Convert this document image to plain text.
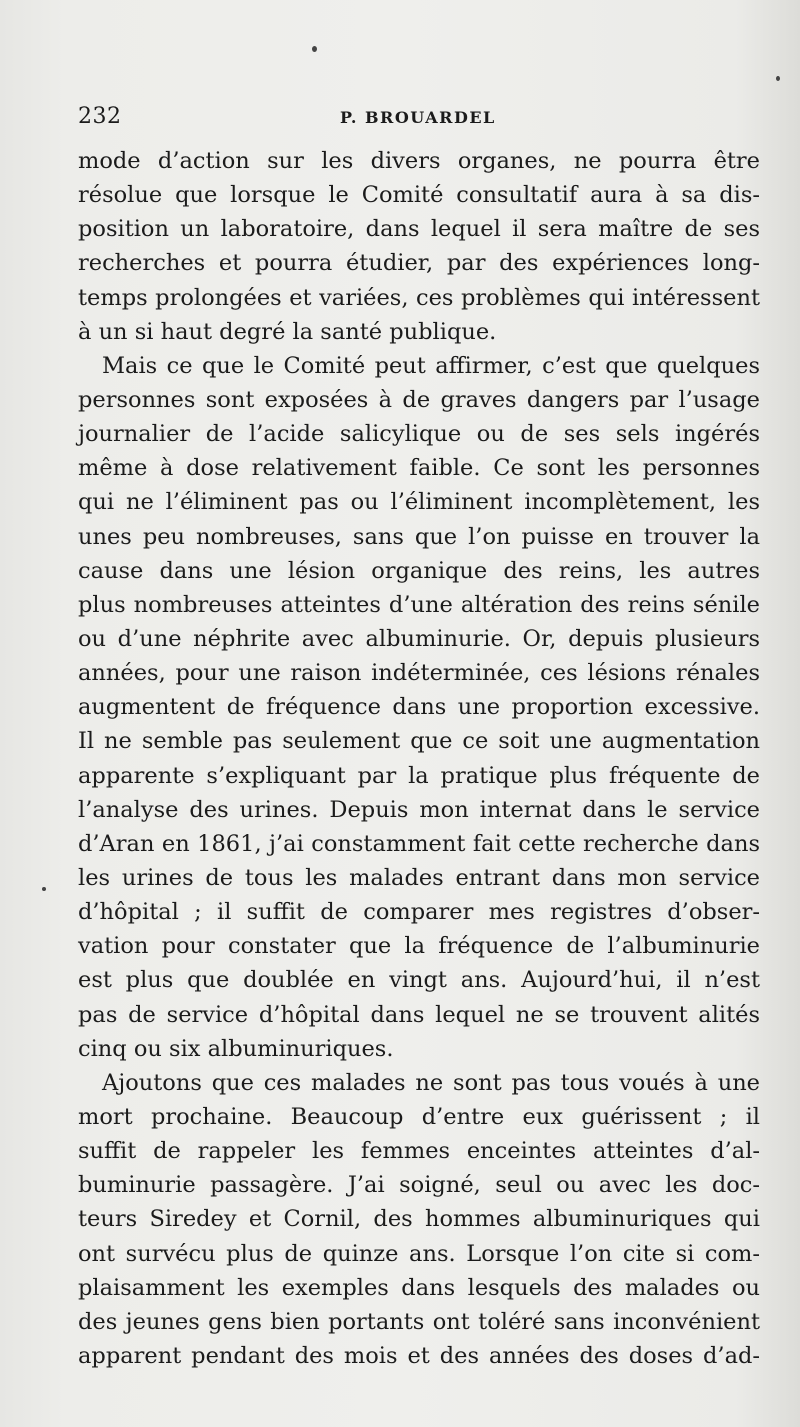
232	P. BROUARDEL
mode d’action sur les divers organes, ne pourra être
résolue que lorsque le Comité consultatif aura à sa dis-
position un laboratoire, dans lequel il sera maître de ses
recherches et pourra étudier, par des expériences long-
temps prolongées et variées, ces problèmes qui intéressent
à un si haut degré la santé publique.
Mais ce que le Comité peut affirmer, c’est que quelques
personnes sont exposées à de graves dangers par l’usage
journalier de l’acide salicylique ou de ses sels ingérés
même à dose relativement faible. Ce sont les personnes
qui ne l’éliminent pas ou l’éliminent incomplètement, les
unes peu nombreuses, sans que l’on puisse en trouver la
cause dans une lésion organique des reins, les autres
plus nombreuses atteintes d’une altération des reins sénile
ou d’une néphrite avec albuminurie. Or, depuis plusieurs
années, pour une raison indéterminée, ces lésions rénales
augmentent de fréquence dans une proportion excessive.
Il ne semble pas seulement que ce soit une augmentation
apparente s’expliquant par la pratique plus fréquente de
l’analyse des urines. Depuis mon internat dans le service
d’Aran en 1861, j’ai constamment fait cette recherche dans
les urines de tous les malades entrant dans mon service
d’hôpital ; il suffit de comparer mes registres d’obser-
vation pour constater que la fréquence de l’albuminurie
est plus que doublée en vingt ans. Aujourd’hui, il n’est
pas de service d’hôpital dans lequel ne se trouvent alités
cinq ou six albuminuriques.
Ajoutons que ces malades ne sont pas tous voués à une
mort prochaine. Beaucoup d’entre eux guérissent ; il
suffit de rappeler les femmes enceintes atteintes d’al-
buminurie passagère. J’ai soigné, seul ou avec les doc-
teurs Siredey et Cornil, des hommes albuminuriques qui
ont survécu plus de quinze ans. Lorsque l’on cite si com-
plaisamment les exemples dans lesquels des malades ou
des jeunes gens bien portants ont toléré sans inconvénient
apparent pendant des mois et des années des doses d’ad-
